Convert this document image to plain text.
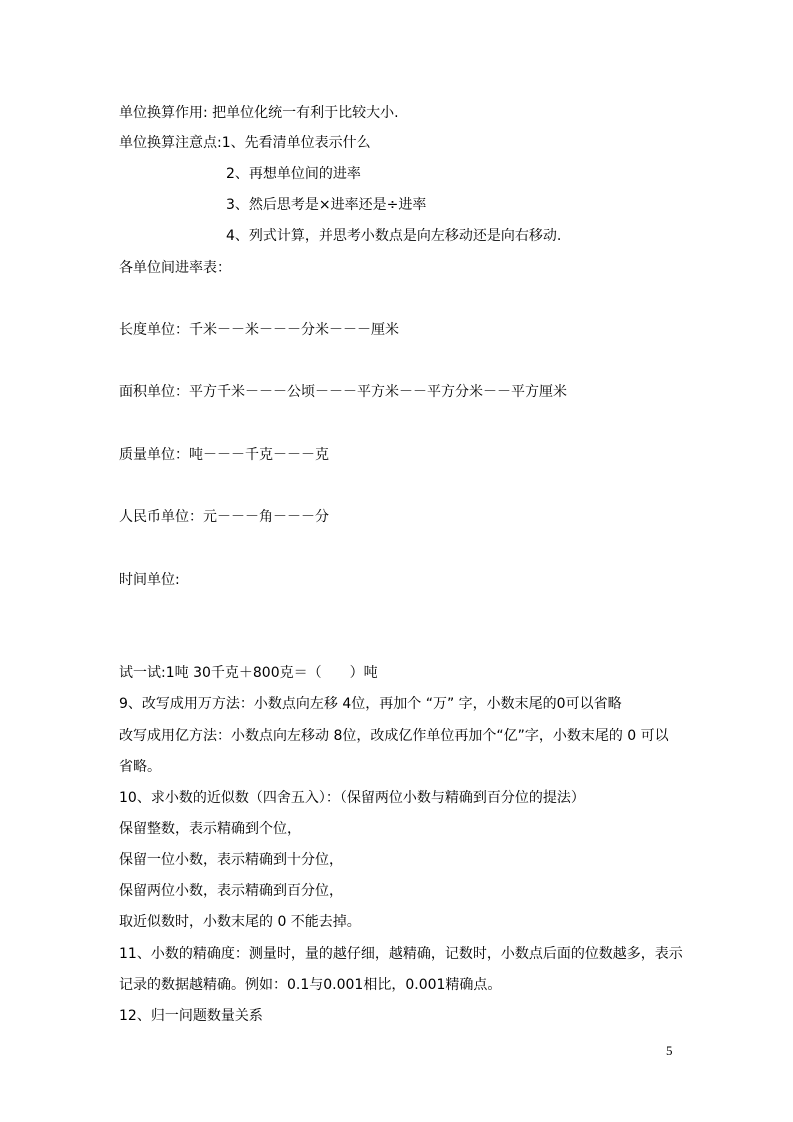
单位换算作用: 把单位化统一有利于比较大小.
单位换算注意点:1、先看清单位表示什么
2、再想单位间的进率
3、然后思考是×进率还是÷进率
4、列式计算，并思考小数点是向左移动还是向右移动.
各单位间进率表：
长度单位：千米－－米－－－分米－－－厘米
面积单位：平方千米－－－公顷－－－平方米－－平方分米－－平方厘米
质量单位：吨－－－千克－－－克
人民币单位：元－－－角－－－分
时间单位:
试一试:1吨 30千克＋800克＝（　　）吨
9、改写成用万方法：小数点向左移 4位，再加个 “万” 字，小数末尾的0可以省略
改写成用亿方法：小数点向左移动 8位，改成亿作单位再加个“亿”字，小数末尾的 0 可以
省略。
10、求小数的近似数（四舍五入）：（保留两位小数与精确到百分位的提法）
保留整数，表示精确到个位，
保留一位小数，表示精确到十分位，
保留两位小数，表示精确到百分位，
取近似数时，小数末尾的 0 不能去掉。
11、小数的精确度：测量时，量的越仔细，越精确，记数时，小数点后面的位数越多，表示
记录的数据越精确。例如：0.1与0.001相比，0.001精确点。
12、归一问题数量关系
5
